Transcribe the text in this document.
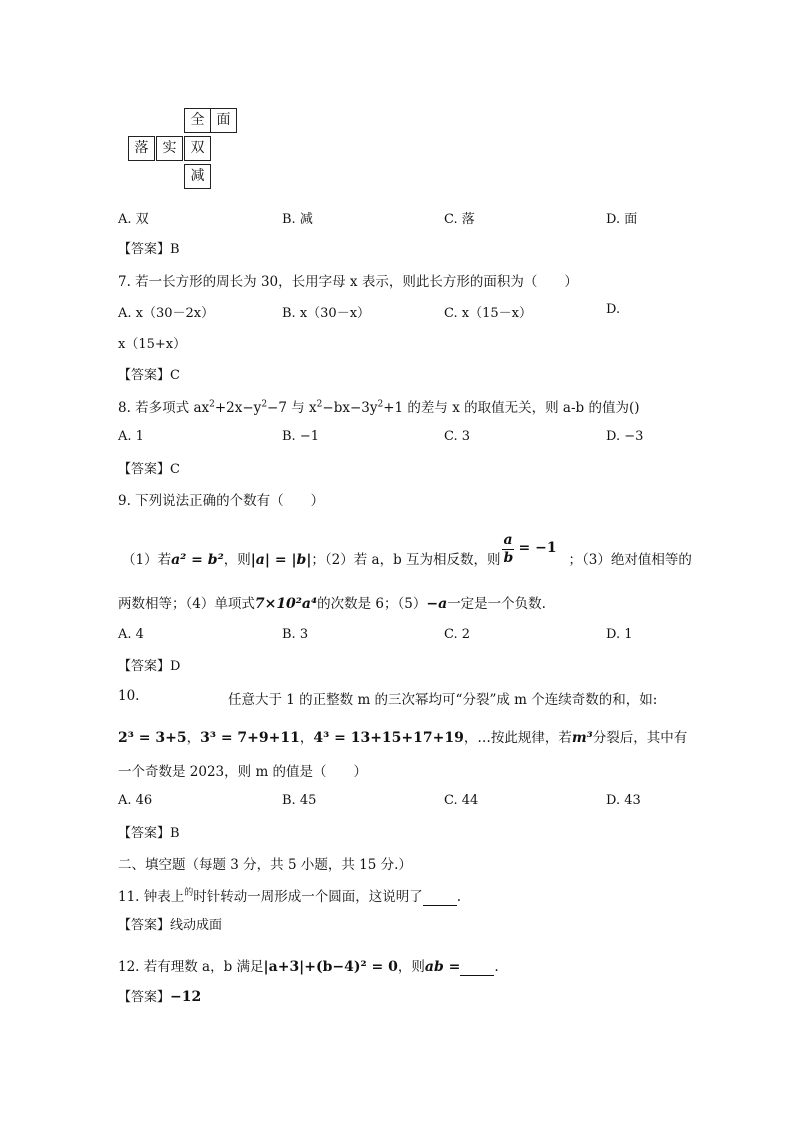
全 面
落	实	双
减
A. 双	B. 减	C. 落	D. 面
【答案】B
7. 若一长方形的周长为 30，长用字母 x 表示，则此长方形的面积为（　　）
A. x（30－2x）	B. x（30－x）	C. x（15－x）	D.
x（15+x）
【答案】C
8. 若多项式 $ax^2+2x-y^2-7$ 与 $x^2-bx-3y^2+1$ 的差与 x 的取值无关，则 a-b 的值为()
A. 1	B. −1	C. 3	D. −3
【答案】C
9. 下列说法正确的个数有（　　）
（1）若a² = b²，则|a| = |b|；（2）若 a，b 互为相反数，则
a
b
= −1
；（3）绝对值相等的
两数相等；（4）单项式7×10²a⁴的次数是 6；（5）−a一定是一个负数.
A. 4	B. 3	C. 2	D. 1
【答案】D
10.	任意大于 1 的正整数 m 的三次幂均可“分裂”成 m 个连续奇数的和，如:
2³ = 3+5，3³ = 7+9+11，4³ = 13+15+17+19，…按此规律，若m³分裂后，其中有
一个奇数是 2023，则 m 的值是（　　）
A. 46	B. 45	C. 44	D. 43
【答案】B
二、填空题（每题 3 分，共 5 小题，共 15 分.）
11. 钟表上$^的$时针转动一周形成一个圆面，这说明了	.
【答案】线动成面
12. 若有理数 a，b 满足|a+3|+(b−4)² = 0，则ab =	.
【答案】−12
